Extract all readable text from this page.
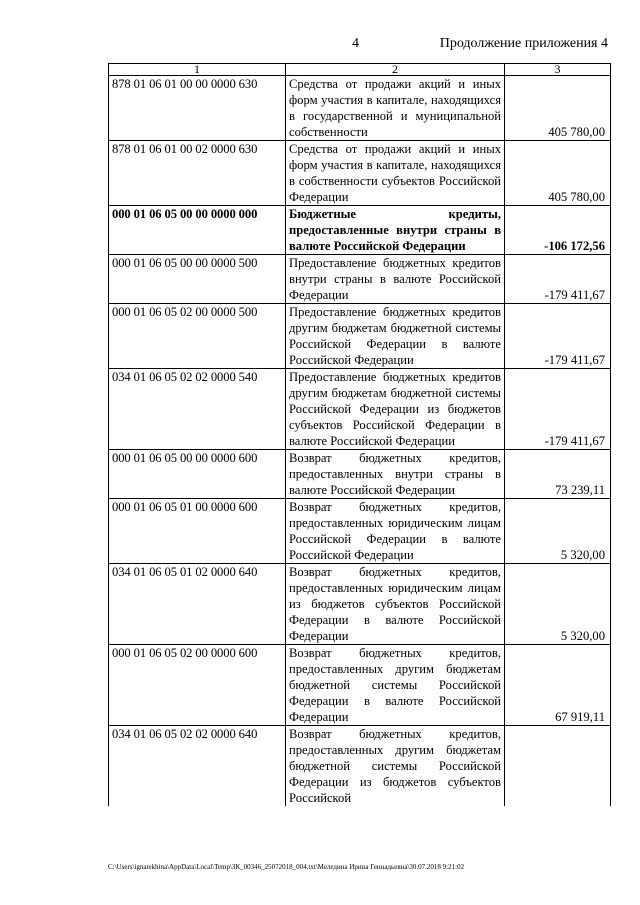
4	Продолжение приложения 4
1	2	3
878 01 06 01 00 00 0000 630	Средства от продажи акций и иных форм участия в капитале, находящихся в государственной и муниципальной собственности	405 780,00
878 01 06 01 00 02 0000 630	Средства от продажи акций и иных форм участия в капитале, находящихся в собственности субъектов Российской Федерации	405 780,00
000 01 06 05 00 00 0000 000	Бюджетные кредиты, предоставленные внутри страны в валюте Российской Федерации	-106 172,56
000 01 06 05 00 00 0000 500	Предоставление бюджетных кредитов внутри страны в валюте Российской Федерации	-179 411,67
000 01 06 05 02 00 0000 500	Предоставление бюджетных кредитов другим бюджетам бюджетной системы Российской Федерации в валюте Российской Федерации	-179 411,67
034 01 06 05 02 02 0000 540	Предоставление бюджетных кредитов другим бюджетам бюджетной системы Российской Федерации из бюджетов субъектов Российской Федерации в валюте Российской Федерации	-179 411,67
000 01 06 05 00 00 0000 600	Возврат бюджетных кредитов, предоставленных внутри страны в валюте Российской Федерации	73 239,11
000 01 06 05 01 00 0000 600	Возврат бюджетных кредитов, предоставленных юридическим лицам Российской Федерации в валюте Российской Федерации	5 320,00
034 01 06 05 01 02 0000 640	Возврат бюджетных кредитов, предоставленных юридическим лицам из бюджетов субъектов Российской Федерации в валюте Российской Федерации	5 320,00
000 01 06 05 02 00 0000 600	Возврат бюджетных кредитов, предоставленных другим бюджетам бюджетной системы Российской Федерации в валюте Российской Федерации	67 919,11
034 01 06 05 02 02 0000 640	Возврат бюджетных кредитов, предоставленных другим бюджетам бюджетной системы Российской Федерации из бюджетов субъектов Российской	
C:\Users\ignatekhina\AppData\Local\Temp\ЗК_00346_25072018_004.txt\Меледина Ирина Геннадьевна\30.07.2018 9:21:02
